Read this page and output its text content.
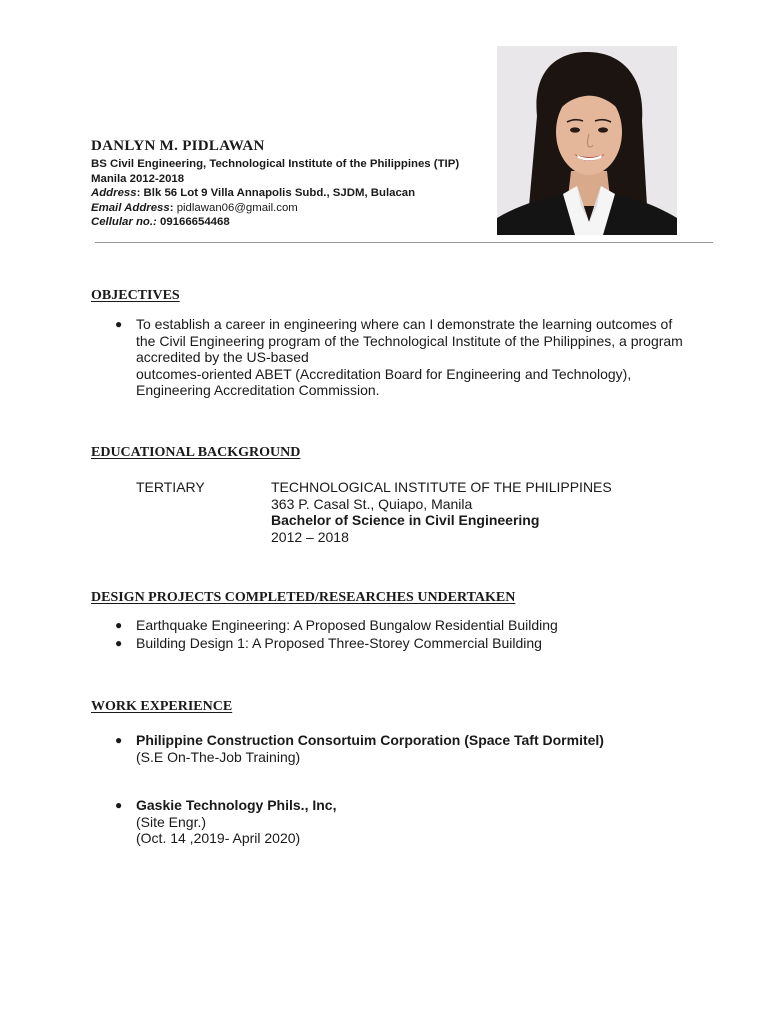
DANLYN M. PIDLAWAN
BS Civil Engineering, Technological Institute of the Philippines (TIP)
Manila 2012-2018
Address: Blk 56 Lot 9 Villa Annapolis Subd., SJDM, Bulacan
Email Address: pidlawan06@gmail.com
Cellular no.: 09166654468
OBJECTIVES
● To establish a career in engineering where can I demonstrate the learning outcomes of
the Civil Engineering program of the Technological Institute of the Philippines, a program
accredited by the US-based
outcomes-oriented ABET (Accreditation Board for Engineering and Technology),
Engineering Accreditation Commission.
EDUCATIONAL BACKGROUND
TERTIARY	TECHNOLOGICAL INSTITUTE OF THE PHILIPPINES
363 P. Casal St., Quiapo, Manila
Bachelor of Science in Civil Engineering
2012 – 2018
DESIGN PROJECTS COMPLETED/RESEARCHES UNDERTAKEN
● Earthquake Engineering: A Proposed Bungalow Residential Building
● Building Design 1: A Proposed Three-Storey Commercial Building
WORK EXPERIENCE
● Philippine Construction Consortuim Corporation (Space Taft Dormitel)
(S.E On-The-Job Training)
● Gaskie Technology Phils., Inc,
(Site Engr.)
(Oct. 14 ,2019- April 2020)
